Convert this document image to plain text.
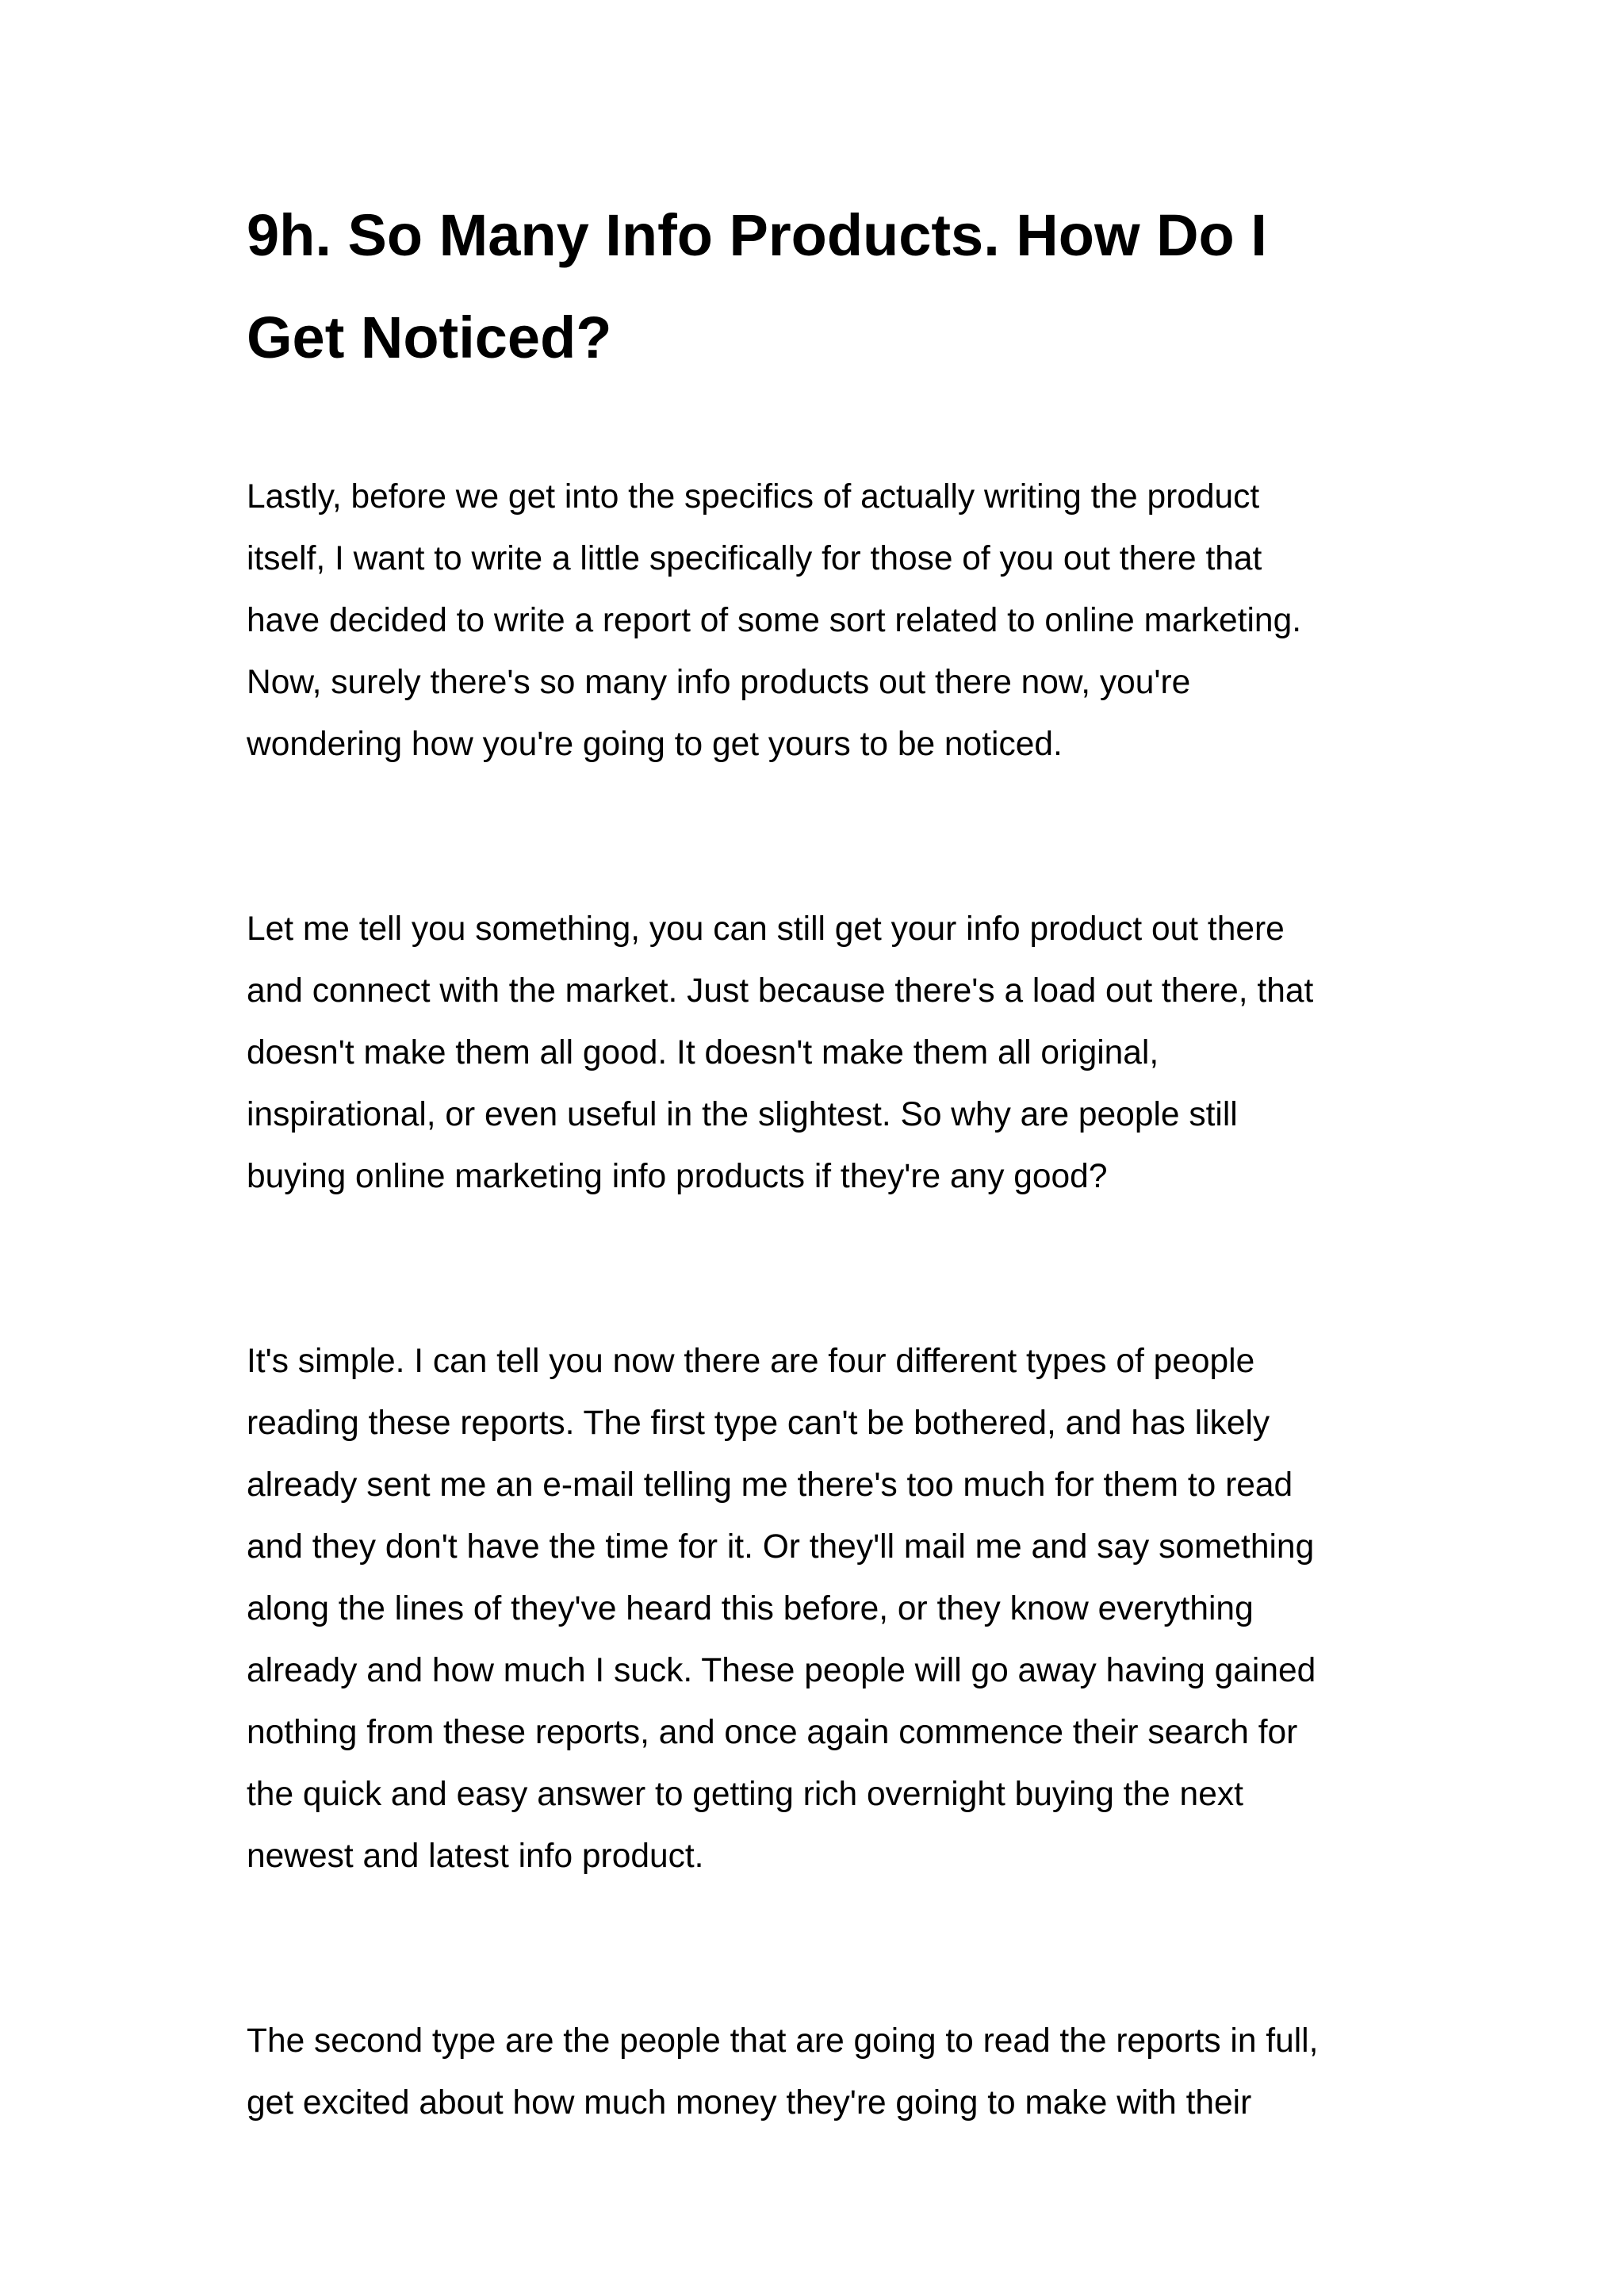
9h. So Many Info Products. How Do I
Get Noticed?

Lastly, before we get into the specifics of actually writing the product
itself, I want to write a little specifically for those of you out there that
have decided to write a report of some sort related to online marketing.
Now, surely there's so many info products out there now, you're
wondering how you're going to get yours to be noticed.

Let me tell you something, you can still get your info product out there
and connect with the market. Just because there's a load out there, that
doesn't make them all good. It doesn't make them all original,
inspirational, or even useful in the slightest. So why are people still
buying online marketing info products if they're any good?

It's simple. I can tell you now there are four different types of people
reading these reports. The first type can't be bothered, and has likely
already sent me an e-mail telling me there's too much for them to read
and they don't have the time for it. Or they'll mail me and say something
along the lines of they've heard this before, or they know everything
already and how much I suck. These people will go away having gained
nothing from these reports, and once again commence their search for
the quick and easy answer to getting rich overnight buying the next
newest and latest info product.

The second type are the people that are going to read the reports in full,
get excited about how much money they're going to make with their
